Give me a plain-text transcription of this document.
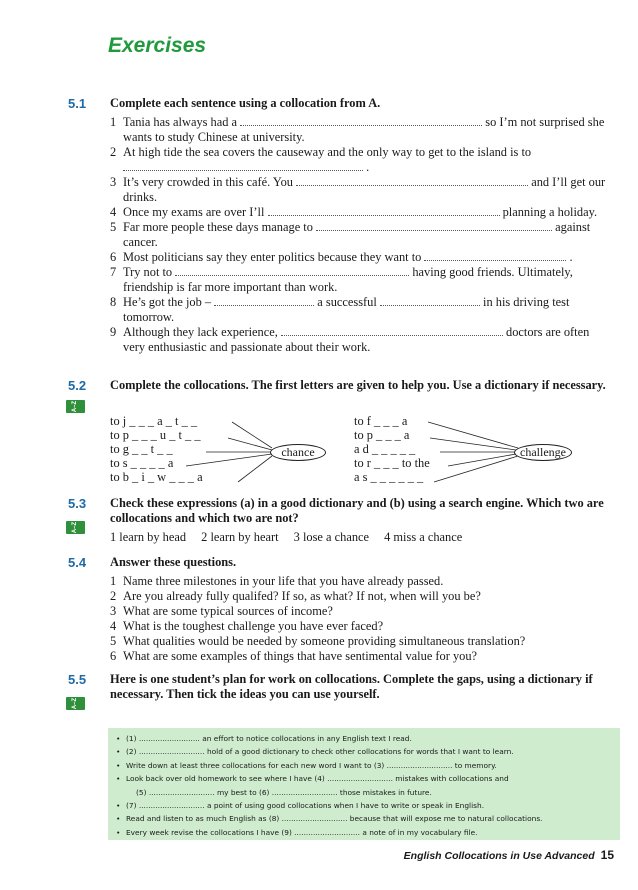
Exercises
5.1 Complete each sentence using a collocation from A.
1 Tania has always had a	so I’m not surprised she wants to study Chinese at university.
2 At high tide the sea covers the causeway and the only way to get to the island is to  .
3 It’s very crowded in this café. You	and I’ll get our drinks.
4 Once my exams are over I’ll	planning a holiday.
5 Far more people these days manage to	against cancer.
6 Most politicians say they enter politics because they want to	.
7 Try not to	having good friends. Ultimately, friendship is far more important than work.
8 He’s got the job –	a successful	in his driving test tomorrow.
9 Although they lack experience,	doctors are often very enthusiastic and passionate about their work.
5.2 Complete the collocations. The first letters are given to help you. Use a dictionary if necessary.
A–Z
to j _ _ _ a _ t _ _
to p _ _ _ u _ t _ _
to g _ _ t _ _
to s _ _ _ _ a
to b _ i _ w _ _ _ a
chance
to f _ _ _ a
to p _ _ _ a
a d _ _ _ _ _
to r _ _ _ to the
a s _ _ _ _ _ _
challenge
5.3 Check these expressions (a) in a good dictionary and (b) using a search engine. Which two are collocations and which two are not?
A–Z
1 learn by head 2 learn by heart 3 lose a chance 4 miss a chance
5.4 Answer these questions.
1 Name three milestones in your life that you have already passed.
2 Are you already fully qualifed? If so, as what? If not, when will you be?
3 What are some typical sources of income?
4 What is the toughest challenge you have ever faced?
5 What qualities would be needed by someone providing simultaneous translation?
6 What are some examples of things that have sentimental value for you?
5.5 Here is one student’s plan for work on collocations. Complete the gaps, using a dictionary if necessary. Then tick the ideas you can use yourself.
A–Z
• (1) .......................... an effort to notice collocations in any English text I read.
• (2) ............................ hold of a good dictionary to check other collocations for words that I want to learn.
• Write down at least three collocations for each new word I want to (3) ............................ to memory.
• Look back over old homework to see where I have (4) ............................ mistakes with collocations and
(5) ............................ my best to (6) ............................ those mistakes in future.
• (7) ............................ a point of using good collocations when I have to write or speak in English.
• Read and listen to as much English as (8) ............................ because that will expose me to natural collocations.
• Every week revise the collocations I have (9) ............................ a note of in my vocabulary file.
English Collocations in Use Advanced 15
